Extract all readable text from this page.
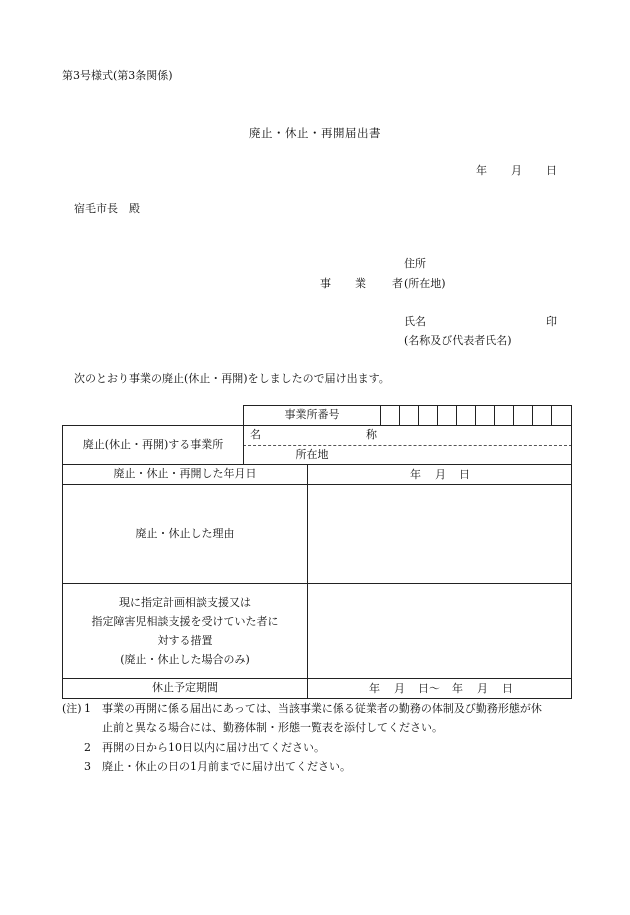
第3号様式(第3条関係)
廃止・休止・再開届出書
年 月 日
宿毛市長　殿
住所
事 業 者 (所在地)
氏名	印
(名称及び代表者氏名)
次のとおり事業の廃止(休止・再開)をしましたので届け出ます。
事 業 所 番 号
廃止(休止・再開)する事業所
名	称
所 在 地
廃止・休止・再開した年月日	年 月 日
廃止・休止した理由
現に指定計画相談支援又は
指定障害児相談支援を受けていた者に
対する措置
(廃止・休止した場合のみ)
休止予定期間	年 月 日〜 年 月 日
(注) 1 事業の再開に係る届出にあっては、当該事業に係る従業者の勤務の体制及び勤務形態が休
止前と異なる場合には、勤務体制・形態一覧表を添付してください。
2 再開の日から10日以内に届け出てください。
3 廃止・休止の日の1月前までに届け出てください。
